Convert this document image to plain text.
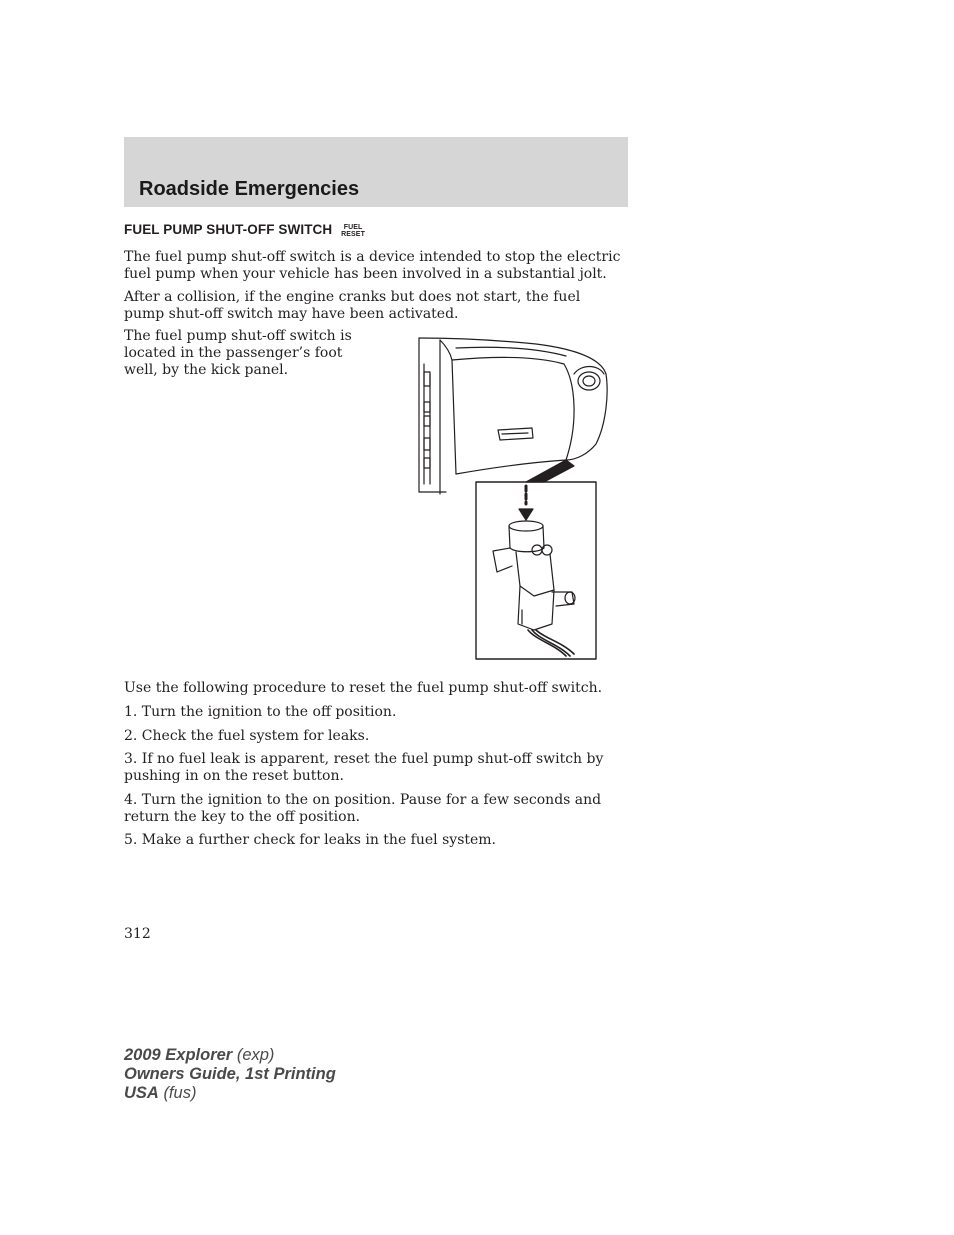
Roadside Emergencies
FUEL PUMP SHUT-OFF SWITCH	FUEL
RESET

The fuel pump shut-off switch is a device intended to stop the electric fuel pump when your vehicle has been involved in a substantial jolt.

After a collision, if the engine cranks but does not start, the fuel pump shut-off switch may have been activated.

The fuel pump shut-off switch is located in the passenger’s foot well, by the kick panel.

Use the following procedure to reset the fuel pump shut-off switch.

1. Turn the ignition to the off position.

2. Check the fuel system for leaks.

3. If no fuel leak is apparent, reset the fuel pump shut-off switch by pushing in on the reset button.

4. Turn the ignition to the on position. Pause for a few seconds and return the key to the off position.

5. Make a further check for leaks in the fuel system.

312
2009 Explorer (exp)
Owners Guide, 1st Printing
USA (fus)
